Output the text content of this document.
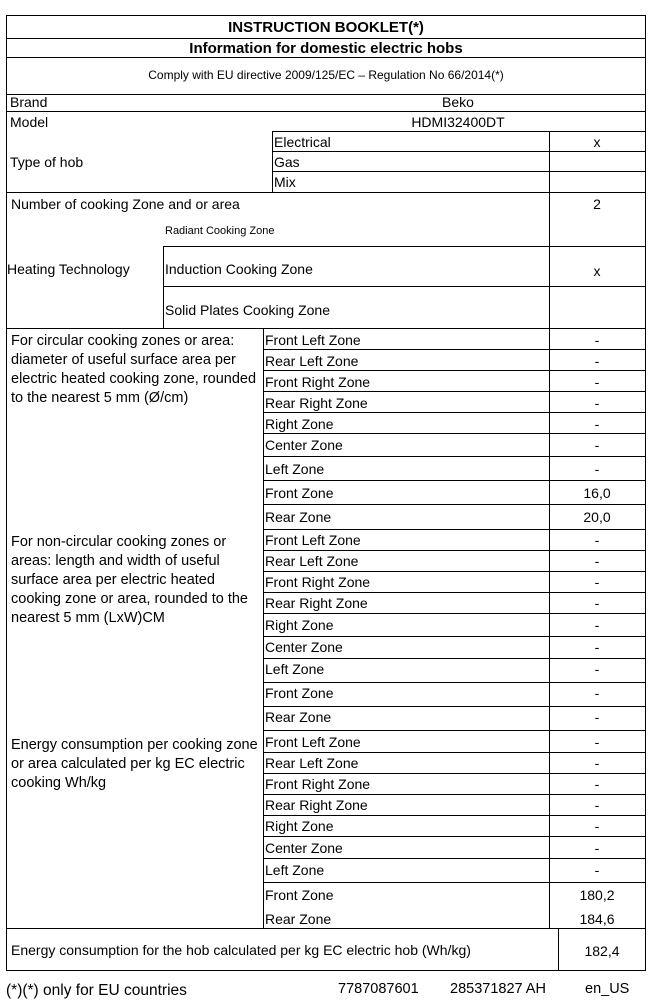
INSTRUCTION BOOKLET(*)
Information for domestic electric hobs
Comply with EU directive 2009/125/EC – Regulation No 66/2014(*)
Brand	Beko
Model	HDMI32400DT
Type of hob
Electrical	x
Gas
Mix
Number of cooking Zone and or area	2
Radiant Cooking Zone
Heating Technology	Induction Cooking Zone	x
Solid Plates Cooking Zone
For circular cooking zones or area: diameter of useful surface area per electric heated cooking zone, rounded to the nearest 5 mm (Ø/cm)
Front Left Zone	-
Rear Left Zone	-
Front Right Zone	-
Rear Right Zone	-
Right Zone	-
Center Zone	-
Left Zone	-
Front Zone	16,0
Rear Zone	20,0
For non-circular cooking zones or areas: length and width of useful surface area per electric heated cooking zone or area, rounded to the nearest 5 mm (LxW)CM
Front Left Zone	-
Rear Left Zone	-
Front Right Zone	-
Rear Right Zone	-
Right Zone	-
Center Zone	-
Left Zone	-
Front Zone	-
Rear Zone	-
Energy consumption per cooking zone or area calculated per kg EC electric cooking Wh/kg
Front Left Zone	-
Rear Left Zone	-
Front Right Zone	-
Rear Right Zone	-
Right Zone	-
Center Zone	-
Left Zone	-
Front Zone	180,2
Rear Zone	184,6
Energy consumption for the hob calculated per kg EC electric hob (Wh/kg)	182,4
(*)(*) only for EU countries	7787087601 285371827 AH	en_US
